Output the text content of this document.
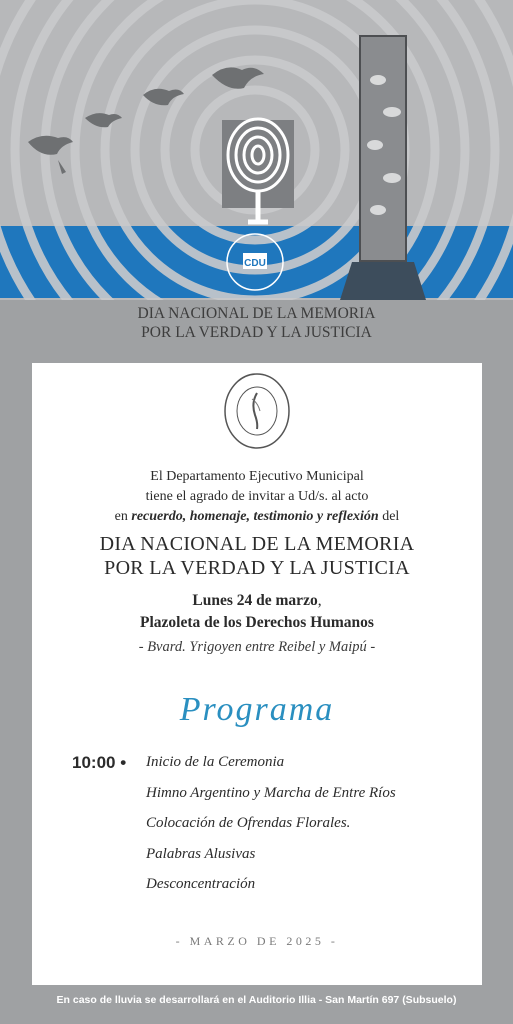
CDU
DIA NACIONAL DE LA MEMORIA
POR LA VERDAD Y LA JUSTICIA
El Departamento Ejecutivo Municipal
tiene el agrado de invitar a Ud/s. al acto
en recuerdo, homenaje, testimonio y reflexión del
DIA NACIONAL DE LA MEMORIA
POR LA VERDAD Y LA JUSTICIA
Lunes 24 de marzo,
Plazoleta de los Derechos Humanos
- Bvard. Yrigoyen entre Reibel y Maipú -
Programa
10:00 • Inicio de la Ceremonia
Himno Argentino y Marcha de Entre Ríos
Colocación de Ofrendas Florales.
Palabras Alusivas
Desconcentración
- MARZO DE 2025 -
En caso de lluvia se desarrollará en el Auditorio Illia - San Martín 697 (Subsuelo)
